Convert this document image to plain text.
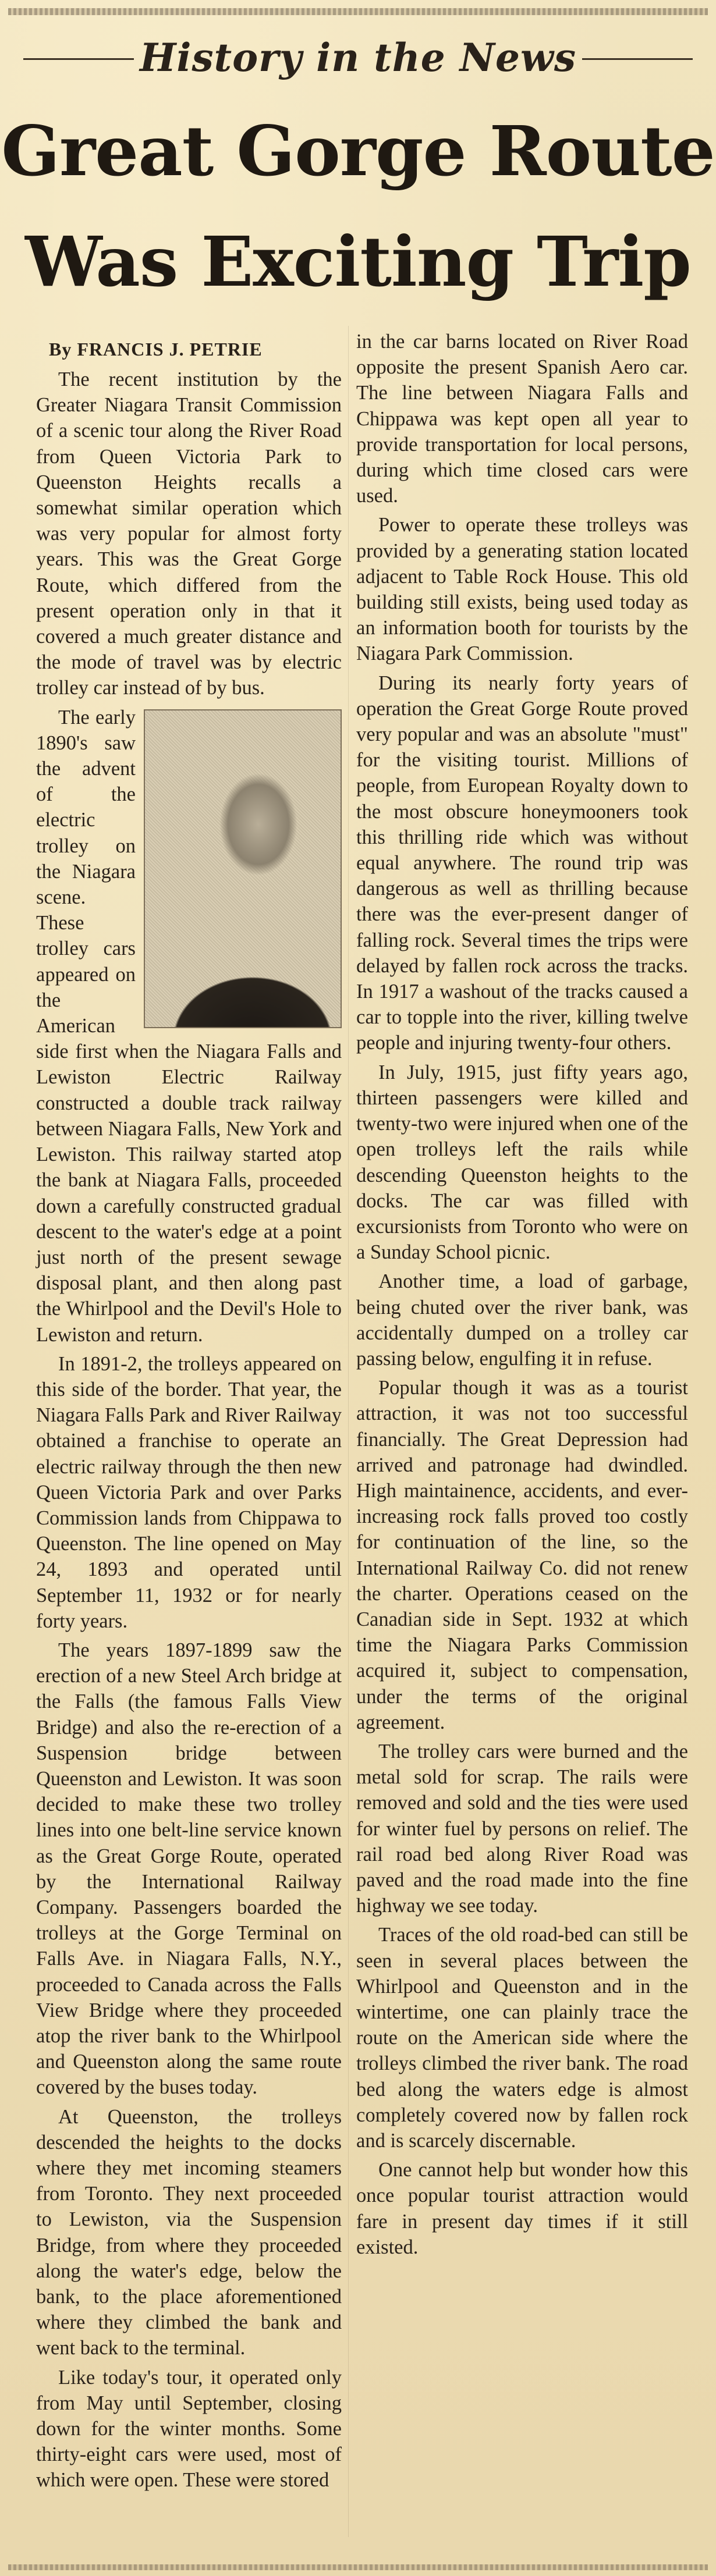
History in the News
Great Gorge Route
Was Exciting Trip
By FRANCIS J. PETRIE

The recent institution by the Greater Niagara Transit Commission of a scenic tour along the River Road from Queen Victoria Park to Queenston Heights recalls a somewhat similar operation which was very popular for almost forty years. This was the Great Gorge Route, which differed from the present operation only in that it covered a much greater distance and the mode of travel was by electric trolley car instead of by bus.

The early 1890's saw the advent of the electric trolley on the Niagara scene. These trolley cars appeared on the American side first when the Niagara Falls and Lewiston Electric Railway constructed a double track railway between Niagara Falls, New York and Lewiston. This railway started atop the bank at Niagara Falls, proceeded down a carefully constructed gradual descent to the water's edge at a point just north of the present sewage disposal plant, and then along past the Whirlpool and the Devil's Hole to Lewiston and return.

In 1891-2, the trolleys appeared on this side of the border. That year, the Niagara Falls Park and River Railway obtained a franchise to operate an electric railway through the then new Queen Victoria Park and over Parks Commission lands from Chippawa to Queenston. The line opened on May 24, 1893 and operated until September 11, 1932 or for nearly forty years.

The years 1897-1899 saw the erection of a new Steel Arch bridge at the Falls (the famous Falls View Bridge) and also the re-erection of a Suspension bridge between Queenston and Lewiston. It was soon decided to make these two trolley lines into one belt-line service known as the Great Gorge Route, operated by the International Railway Company. Passengers boarded the trolleys at the Gorge Terminal on Falls Ave. in Niagara Falls, N.Y., proceeded to Canada across the Falls View Bridge where they proceeded atop the river bank to the Whirlpool and Queenston along the same route covered by the buses today.

At Queenston, the trolleys descended the heights to the docks where they met incoming steamers from Toronto. They next proceeded to Lewiston, via the Suspension Bridge, from where they proceeded along the water's edge, below the bank, to the place aforementioned where they climbed the bank and went back to the terminal.

Like today's tour, it operated only from May until September, closing down for the winter months. Some thirty-eight cars were used, most of which were open. These were stored

in the car barns located on River Road opposite the present Spanish Aero car. The line between Niagara Falls and Chippawa was kept open all year to provide transportation for local persons, during which time closed cars were used.

Power to operate these trolleys was provided by a generating station located adjacent to Table Rock House. This old building still exists, being used today as an information booth for tourists by the Niagara Park Commission.

During its nearly forty years of operation the Great Gorge Route proved very popular and was an absolute "must" for the visiting tourist. Millions of people, from European Royalty down to the most obscure honeymooners took this thrilling ride which was without equal anywhere. The round trip was dangerous as well as thrilling because there was the ever-present danger of falling rock. Several times the trips were delayed by fallen rock across the tracks. In 1917 a washout of the tracks caused a car to topple into the river, killing twelve people and injuring twenty-four others.

In July, 1915, just fifty years ago, thirteen passengers were killed and twenty-two were injured when one of the open trolleys left the rails while descending Queenston heights to the docks. The car was filled with excursionists from Toronto who were on a Sunday School picnic.

Another time, a load of garbage, being chuted over the river bank, was accidentally dumped on a trolley car passing below, engulfing it in refuse.

Popular though it was as a tourist attraction, it was not too successful financially. The Great Depression had arrived and patronage had dwindled. High maintainence, accidents, and ever-increasing rock falls proved too costly for continuation of the line, so the International Railway Co. did not renew the charter. Operations ceased on the Canadian side in Sept. 1932 at which time the Niagara Parks Commission acquired it, subject to compensation, under the terms of the original agreement.

The trolley cars were burned and the metal sold for scrap. The rails were removed and sold and the ties were used for winter fuel by persons on relief. The rail road bed along River Road was paved and the road made into the fine highway we see today.

Traces of the old road-bed can still be seen in several places between the Whirlpool and Queenston and in the wintertime, one can plainly trace the route on the American side where the trolleys climbed the river bank. The road bed along the waters edge is almost completely covered now by fallen rock and is scarcely discernable.

One cannot help but wonder how this once popular tourist attraction would fare in present day times if it still existed.
